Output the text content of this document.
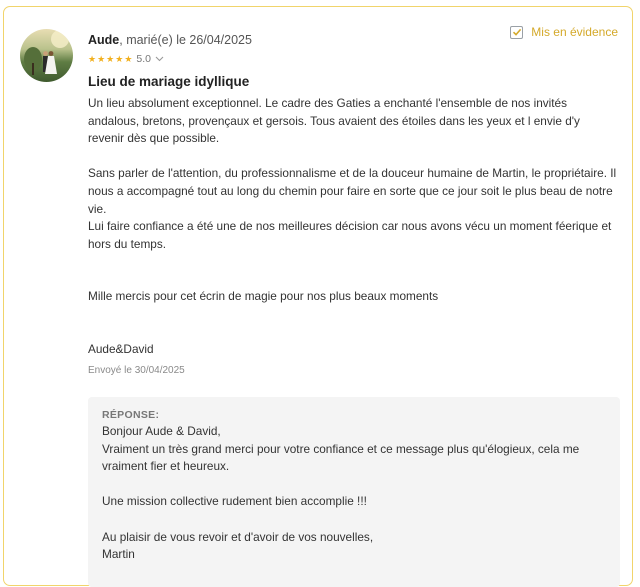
Mis en évidence
Aude, marié(e) le 26/04/2025
★ ★ ★ ★ ★ 5.0
Lieu de mariage idyllique

Un lieu absolument exceptionnel. Le cadre des Gaties a enchanté l'ensemble de nos invités andalous, bretons, provençaux et gersois. Tous avaient des étoiles dans les yeux et l envie d'y revenir dès que possible.

Sans parler de l'attention, du professionnalisme et de la douceur humaine de Martin, le propriétaire. Il nous a accompagné tout au long du chemin pour faire en sorte que ce jour soit le plus beau de notre vie.

Lui faire confiance a été une de nos meilleures décision car nous avons vécu un moment féerique et hors du temps.

Mille mercis pour cet écrin de magie pour nos plus beaux moments

Aude&David

Envoyé le 30/04/2025
RÉPONSE:

Bonjour Aude & David,

Vraiment un très grand merci pour votre confiance et ce message plus qu'élogieux, cela me vraiment fier et heureux.

Une mission collective rudement bien accomplie !!!

Au plaisir de vous revoir et d'avoir de vos nouvelles,

Martin
